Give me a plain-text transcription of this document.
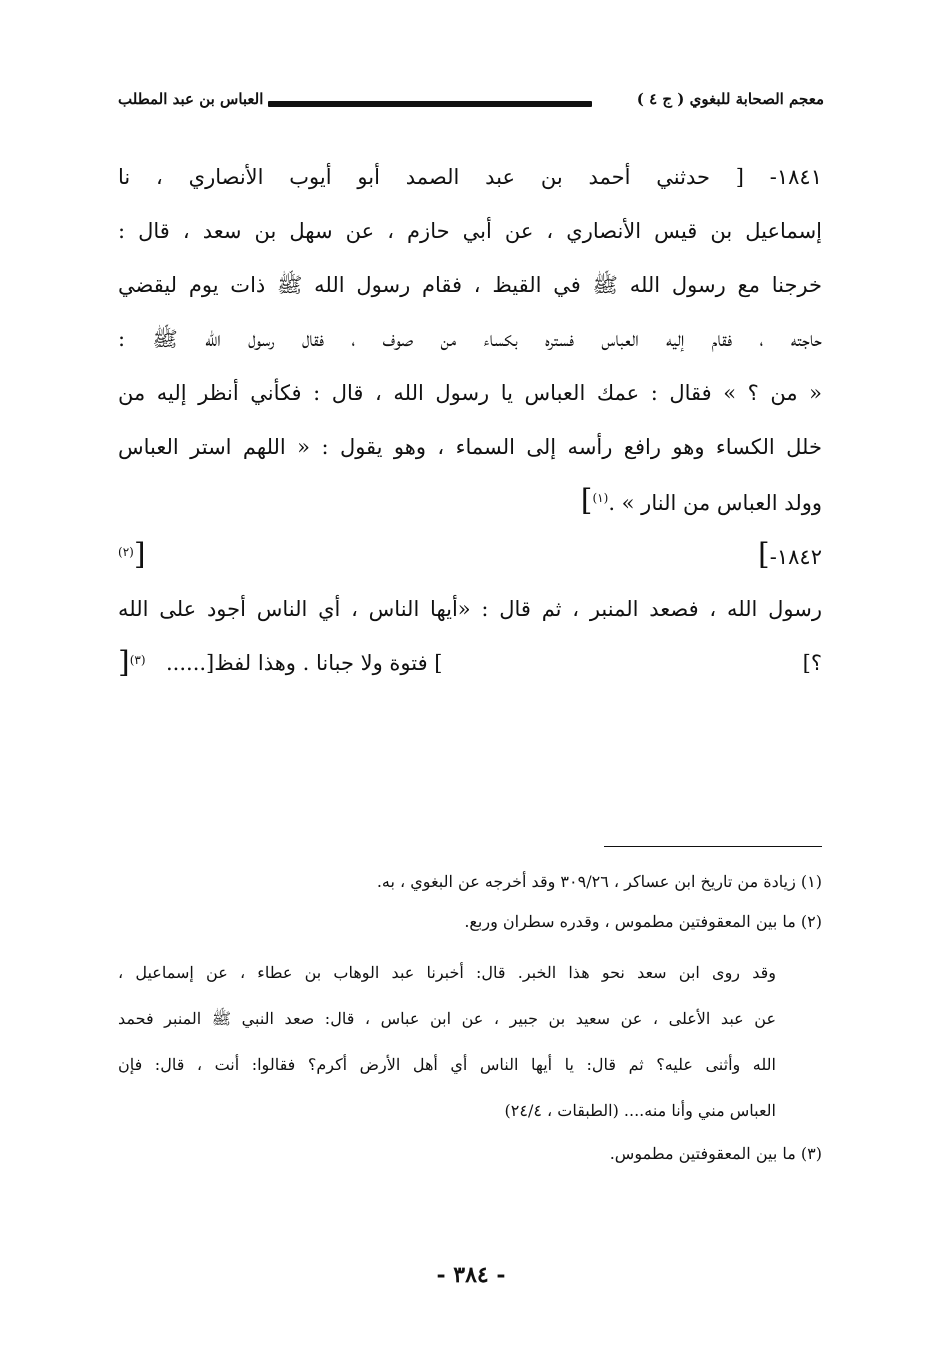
معجم الصحابة للبغوي ( ج ٤ )
العباس بن عبد المطلب
١٨٤١- [ حدثني أحمد بن عبد الصمد أبو أيوب الأنصاري ، نا
إسماعيل بن قيس الأنصاري ، عن أبي حازم ، عن سهل بن سعد ، قال :
خرجنا مع رسول الله ﷺ في القيظ ، فقام رسول الله ﷺ ذات يوم ليقضي
حاجته ، فقام إليه العباس فستره بكساء من صوف ، فقال رسول الله ﷺ :
« من ؟ » فقال : عمك العباس يا رسول الله ، قال : فكأني أنظر إليه من
خلل الكساء وهو رافع رأسه إلى السماء ، وهو يقول : « اللهم استر العباس
وولد العباس من النار » .$^{(١)}$]
١٨٤٢-]
[$^{(٢)}$
رسول الله ، فصعد المنبر ، ثم قال : «أيها الناس ، أي الناس أجود على الله
؟]
$^{(٣)}$[	] فتوة ولا جبانا . وهذا لفظ[......
(١) زيادة من تاريخ ابن عساكر ، ٣٠٩/٢٦ وقد أخرجه عن البغوي ، به.
(٢) ما بين المعقوفتين مطموس ، وقدره سطران وربع.
وقد روى ابن سعد نحو هذا الخبر. قال: أخبرنا عبد الوهاب بن عطاء ، عن إسماعيل ،
عن عبد الأعلى ، عن سعيد بن جبير ، عن ابن عباس ، قال: صعد النبي ﷺ المنبر فحمد
الله وأثنى عليه؟ ثم قال: يا أيها الناس أي أهل الأرض أكرم؟ فقالوا: أنت ، قال: فإن
العباس مني وأنا منه.... (الطبقات ، ٢٤/٤)
(٣) ما بين المعقوفتين مطموس.
- ٣٨٤ -
